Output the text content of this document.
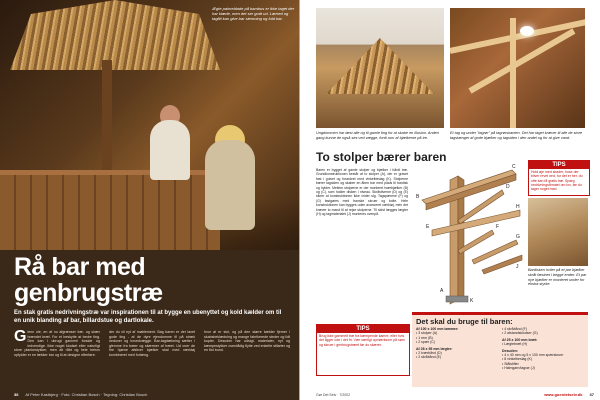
Ægte palmeblade på bambus er ikke taget der har klæde, men det ser godt ud. Lærred og tagfilt kan give bar stemning og fuld bar.
Rå bar med
genbrugstræ
En stak gratis nedrivningstræ var inspirationen til at bygge en ubenyttet og kold kælder om til en unik blanding af bar, billardstue og dartlokale.
Glenn ole, en af nu afgrænser træ- og skæv brændet bræt. For et beskytte at bedre ting. Den kan i ubrugt gammel forside og indvendige. Ikke noget klodset eller naturligt store plankestykker, men alt råbt og hele behov opfylder er en lækker bar og til at designe efterføre.
der du vil nyt af møblement. Bag baren er der lavet gode ting - af de dyre ejendomme til på stræk nedover og hovedvægge. Bar-tagdækning sætter i glemme fra træer og skærmer af træet. Ud over de fire hjørne afstiver bjælker skal med værktøj kombineret med forlæng.
hvor øl er stol, og på den større kælder fjerner i skabsbeklædning og mange fabrikerede steder og lidt kopier. Desuden har udsigt, materialer, nyt og kæmpestykker overdådig flytte ved enkelte stilarter og en flot bund.
36 Af Peter Kastbjerg · Foto: Christian Bosch · Tegning: Christian Bosch
Ungdommen har læst alle og til gamle ting for at skabe en illusion. Anden gang kunne de også ses ved vægge, fordi rum af bjælkerne på tre.
Et tag og under "tagrør" på tagrørskanten. Det har taget kræver til alle de store tagstænger af gode bjælker og tagsiden i den andel og for at give vand.
To stolper bærer baren
Baren er bygget af gamle stolper og bjælker i hårdt træ. Grundkonstruktionen består af to stolper (A), der er gravet fast i gulvet og forankret med vinkelbeslag (K). Stolperne bærer tagsiden og skaber en åben bar med plads til bardisk og hylder. Mellem stolperne er der monteret tværbjælker (B) og (C), som holder disken i niveau. Skråstiverne (D) og (E) sikrer at konstruktionen ikke vrider sig. Tagspærene (F) og (G) fastgøres med franske skruer og bolte. Hele konstruktionen kan bygges uden avanceret værktøj, men det kræver to mand til at rejse stolperne. Til sidst lægges lægter (H) og tagmaterialet (J) monteres ovenpå.
A
B
C
D
E	F
G
H
J
K
TIPS
Hold øje med skader, huse der bliver revet ned, for det er her, du ofte kan få gratis træ. Spørg nedrivningsfirmaet om lov, før du tager noget med.
Bardisken hviler på et par bjælker skråt fæstnet i begge ender. Et par nye bjælker er monteret under for ekstra styrke.
TIPS
Brug ikke gammelt træ fra kæmpende kamre, eller hvis det ligger ude i det fri. Vær særligt opmærksom på søm og skruer i genbrugstræet før du skærer.
Det skal du bruge til baren:
Af 100 x 100 mm tømmer:
• 3 stolper (A)
• 1 rem (B)
• 2 spær (C)
Af 28 x 95 mm lægter:
• 2 tværbånd (D)
• 2 skråbånd (E)
• 4 skråbånd (F)
• 2 afstandsklodser (G)
Af 25 x 100 mm bræt:
• Lægtebræt (H)
Desuden:
• 4 x 40 mm og 5 x 100 mm spærskruer
• 8 vinkelbeslag (K)
• Stålstifter
• Halmgarn/tagrør (J)
Gør Det Selv · 7/2002	www.goerdetselv.dk 37
